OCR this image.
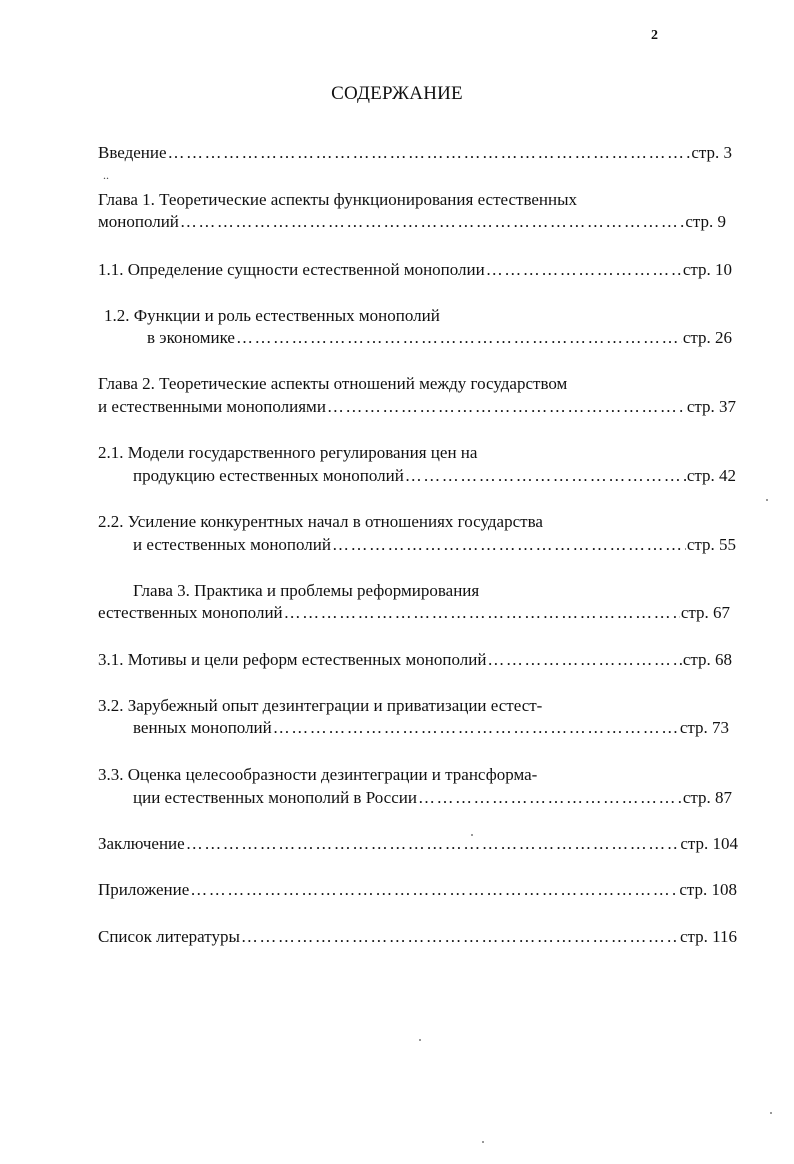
2
СОДЕРЖАНИЕ
Введение ……………………………………………………………………………………………………………………………………………………………………………………………………………………………	стр. 3
..
Глава 1. Теоретические аспекты функционирования естественных
монополий ……………………………………………………………………………………………………………………………………………………………………………………………………………………………	стр. 9
1.1. Определение сущности естественной монополии ……………………………………………………………………………………………………………………………………………………………………………………………………………………………	стр. 10
1.2. Функции и роль естественных монополий
в экономике ……………………………………………………………………………………………………………………………………………………………………………………………………………………………	стр. 26
Глава 2. Теоретические аспекты отношений между государством
и естественными монополиями ……………………………………………………………………………………………………………………………………………………………………………………………………………………………	стр. 37
2.1. Модели государственного регулирования цен на
продукцию естественных монополий ……………………………………………………………………………………………………………………………………………………………………………………………………………………………	стр. 42
2.2. Усиление конкурентных начал в отношениях государства
и естественных монополий ……………………………………………………………………………………………………………………………………………………………………………………………………………………………	стр. 55
Глава 3. Практика и проблемы реформирования
естественных монополий ……………………………………………………………………………………………………………………………………………………………………………………………………………………………	стр. 67
3.1. Мотивы и цели реформ естественных монополий ……………………………………………………………………………………………………………………………………………………………………………………………………………………………	стр. 68
3.2. Зарубежный опыт дезинтеграции и приватизации естест-
венных монополий ……………………………………………………………………………………………………………………………………………………………………………………………………………………………	стр. 73
3.3. Оценка целесообразности дезинтеграции и трансформа-
ции естественных монополий в России ……………………………………………………………………………………………………………………………………………………………………………………………………………………………	стр. 87
Заключение ……………………………………………………………………………………………………………………………………………………………………………………………………………………………	стр. 104
Приложение ……………………………………………………………………………………………………………………………………………………………………………………………………………………………	стр. 108
Список литературы ……………………………………………………………………………………………………………………………………………………………………………………………………………………………	стр. 116
